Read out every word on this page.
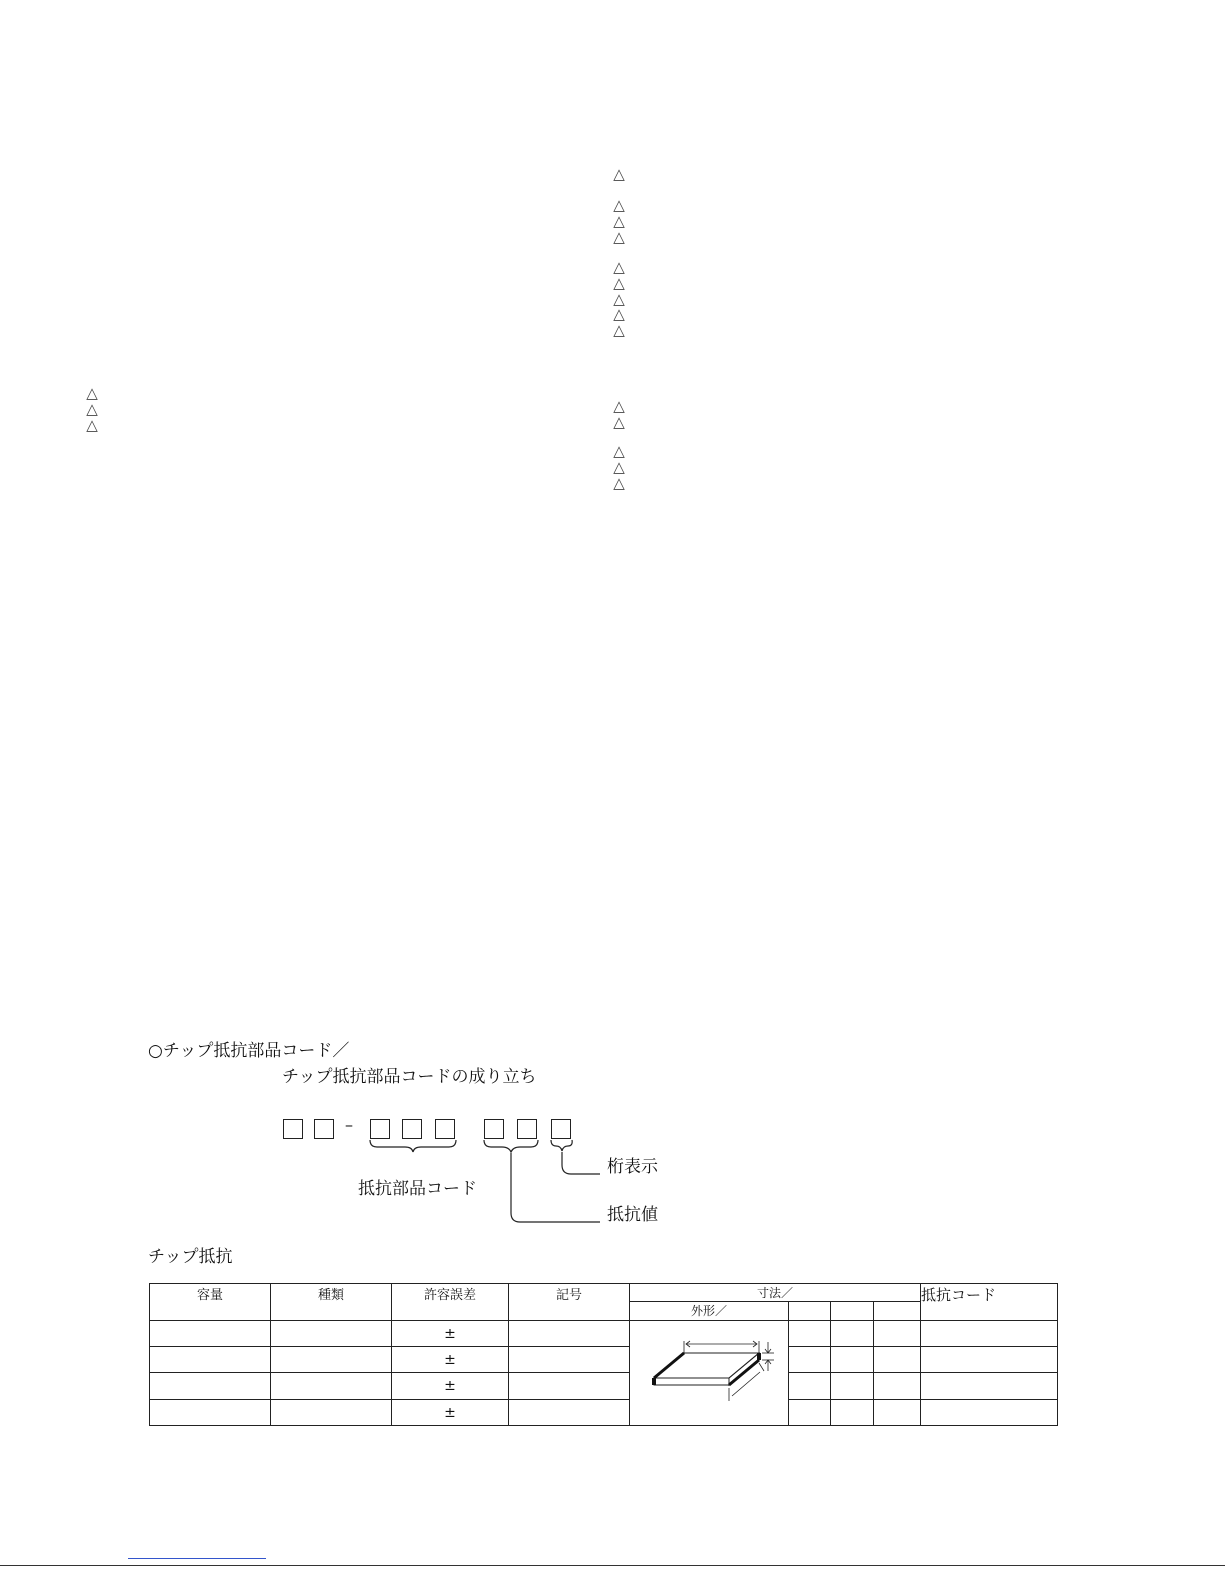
△
△
△
△
△
△
△
△
△
△
△
△
△
△
△
△
△
○チップ抵抗部品コード／
チップ抵抗部品コードの成り立ち
–
桁表示
抵抗部品コード
抵抗値
チップ抵抗
容量	種類	許容誤差	記号	寸法／				抵抗コード
				外形／				
		±						
		±						
		±						
		±						
